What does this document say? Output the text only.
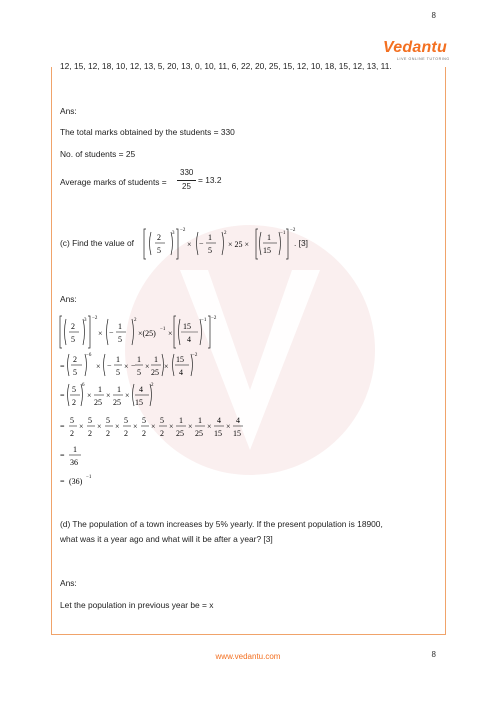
8
Vedantu
LIVE ONLINE TUTORING
12, 15, 12, 18, 10, 12, 13, 5, 20, 13, 0, 10, 11, 6, 22, 20, 25, 15, 12, 10, 18, 15, 12, 13, 11.
Ans:
The total marks obtained by the students = 330
No. of students = 25
Average marks of students =
330
25
= 13.2
(c) Find the value of
2
5
3
−2
× −
1
5
2
× 25 ×
1
15
−1
−2
. [3]
Ans:
2
5
3 −2
× −
1
5
2
×(25) −1 ×
15
4
−1 −2
=
2
5
−6
× −
1
5
× −
1
5
×
1
25
×
15
4
−2
=
5
2
6
×
1
25
×
1
25
×
4
15
2
=
5
2
×
5
2
×
5
2
×
5
2
×
5
2
×
5
2
×
1
25
×
1
25
×
4
15
×
4
15
=
1
36
= (36) −1
(d) The population of a town increases by 5% yearly. If the present population is 18900,
what was it a year ago and what will it be after a year? [3]
Ans:
Let the population in previous year be = x
www.vedantu.com	8
